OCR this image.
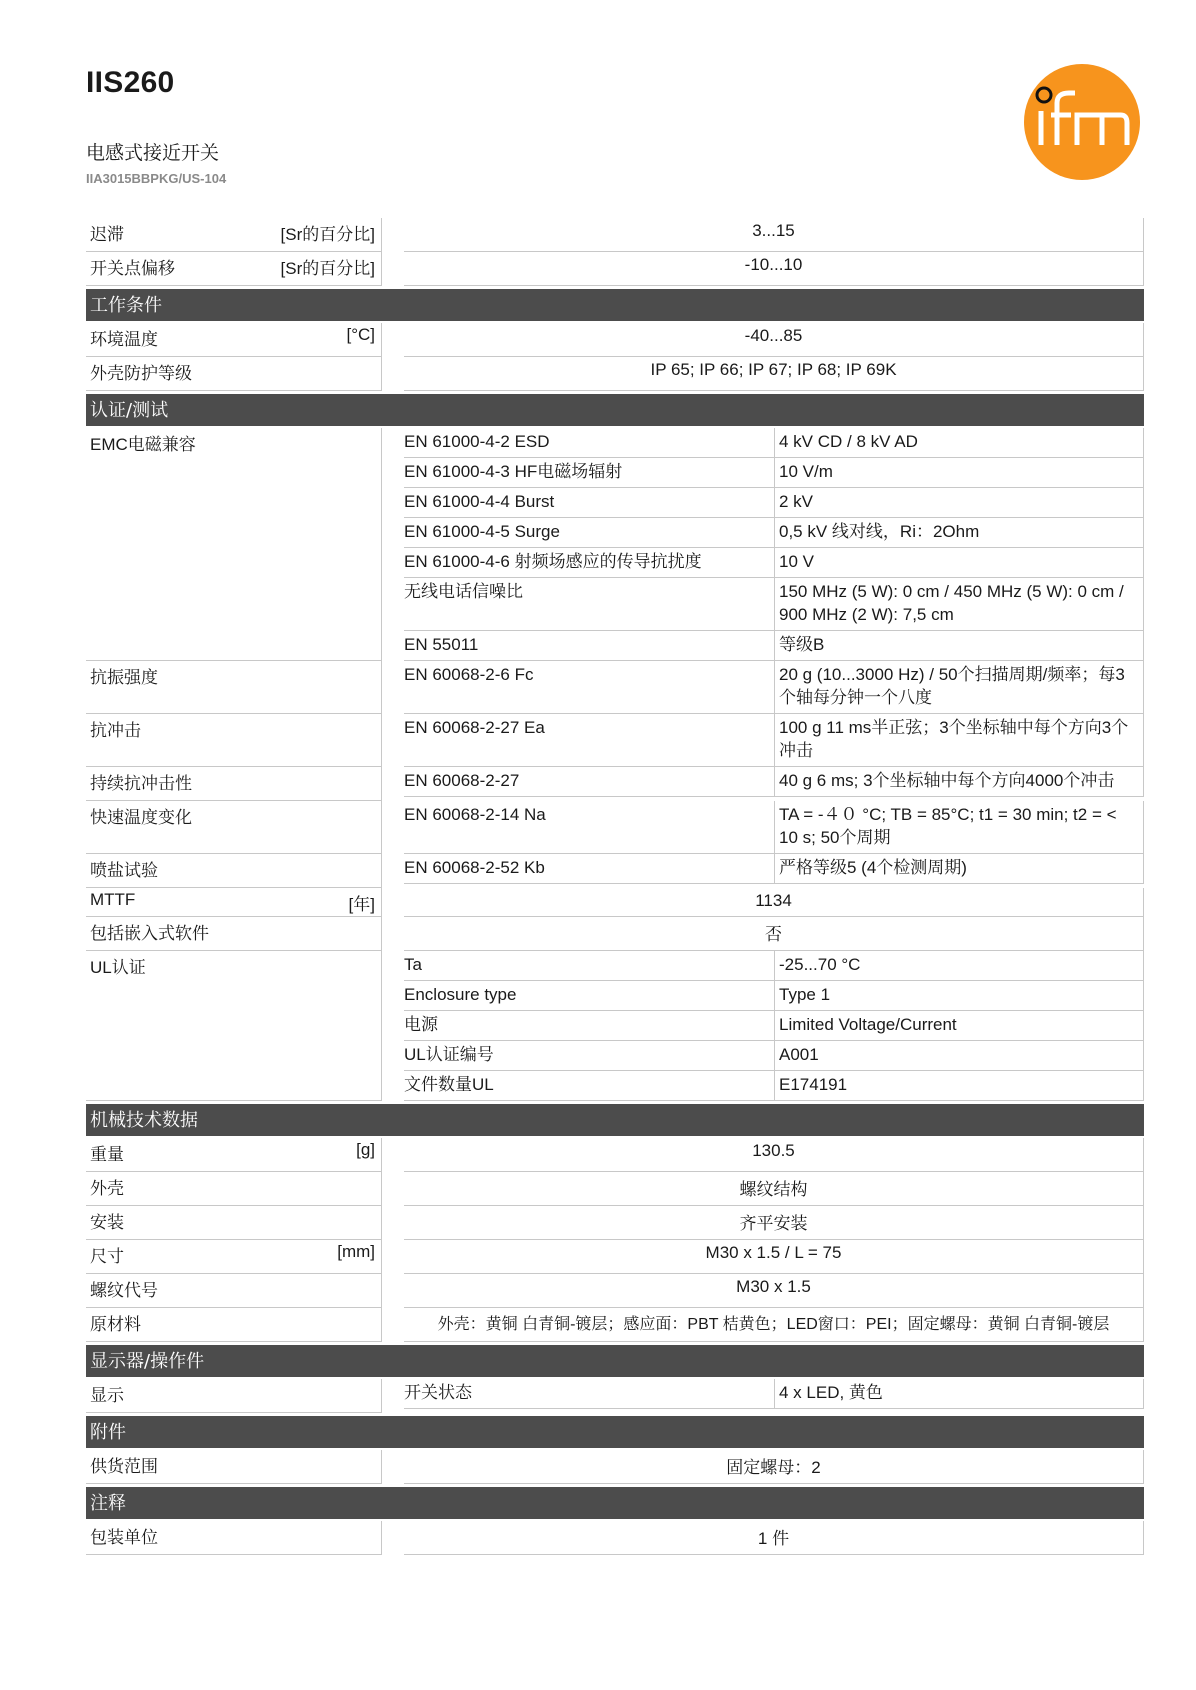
IIS260
电感式接近开关
IIA3015BBPKG/US-104
迟滞	[Sr的百分比]	3...15
开关点偏移	[Sr的百分比]	-10...10
工作条件
环境温度	[°C]	-40...85
外壳防护等级	IP 65; IP 66; IP 67; IP 68; IP 69K
认证/测试
EMC电磁兼容	EN 61000-4-2 ESD	4 kV CD / 8 kV AD
EN 61000-4-3 HF电磁场辐射	10 V/m
EN 61000-4-4 Burst	2 kV
EN 61000-4-5 Surge	0,5 kV 线对线，Ri：2Ohm
EN 61000-4-6 射频场感应的传导抗扰度	10 V
无线电话信噪比	150 MHz (5 W): 0 cm / 450 MHz (5 W): 0 cm / 900 MHz (2 W): 7,5 cm
EN 55011	等级B
抗振强度	EN 60068-2-6 Fc	20 g (10...3000 Hz) / 50个扫描周期/频率；每3个轴每分钟一个八度
抗冲击	EN 60068-2-27 Ea	100 g 11 ms半正弦；3个坐标轴中每个方向3个冲击
持续抗冲击性	EN 60068-2-27	40 g 6 ms; 3个坐标轴中每个方向4000个冲击
快速温度变化	EN 60068-2-14 Na	TA = -４０ °C; TB = 85°C; t1 = 30 min; t2 = < 10 s; 50个周期
喷盐试验	EN 60068-2-52 Kb	严格等级5 (4个检测周期)
MTTF	[年]	1134
包括嵌入式软件	否
UL认证	Ta	-25...70 °C
Enclosure type	Type 1
电源	Limited Voltage/Current
UL认证编号	A001
文件数量UL	E174191
机械技术数据
重量	[g]	130.5
外壳	螺纹结构
安装	齐平安装
尺寸	[mm]	M30 x 1.5 / L = 75
螺纹代号	M30 x 1.5
原材料	外壳：黄铜 白青铜-镀层；感应面：PBT 桔黄色；LED窗口：PEI；固定螺母：黄铜 白青铜-镀层
显示器/操作件
显示	开关状态	4 x LED, 黄色
附件
供货范围	固定螺母：2
注释
包装单位	1 件
